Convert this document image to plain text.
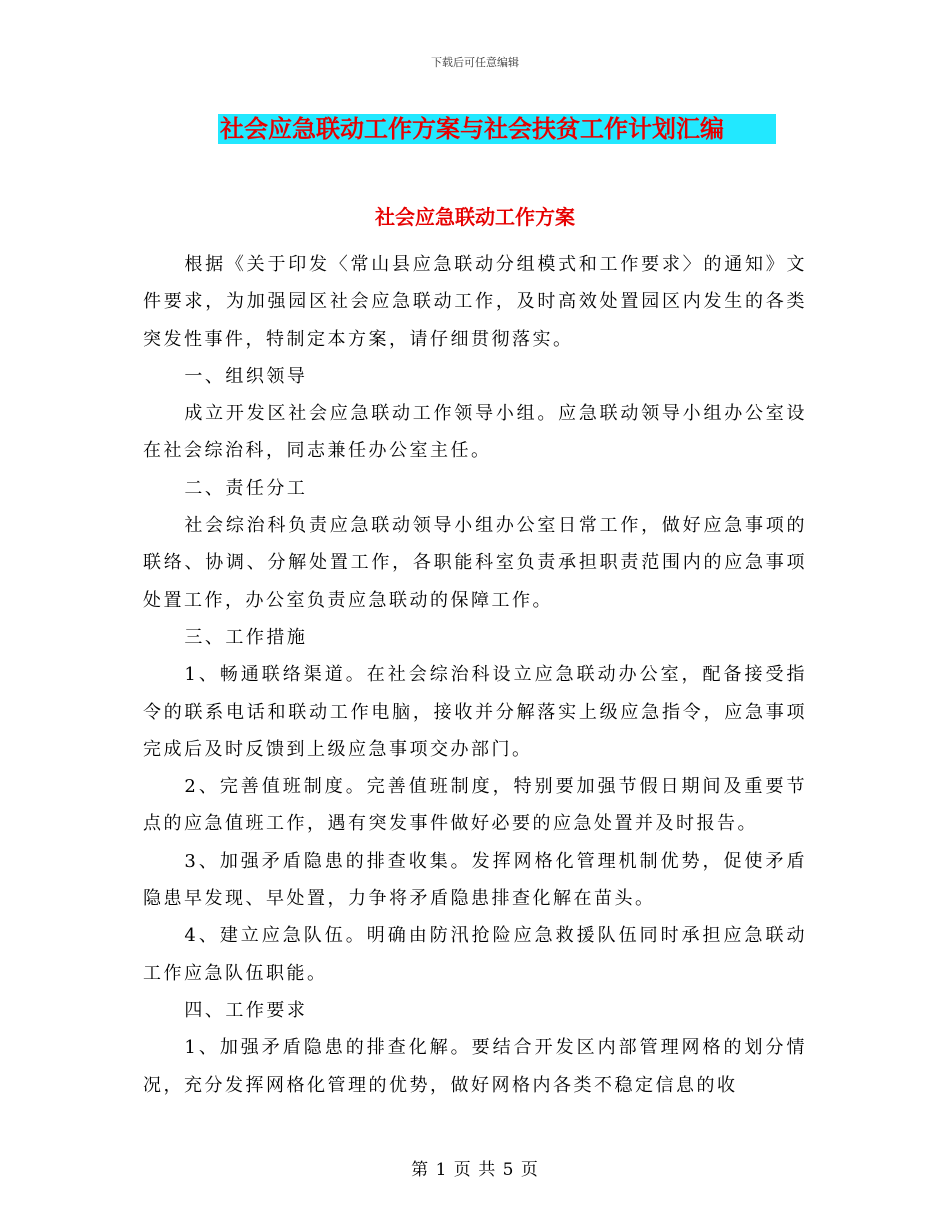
下载后可任意编辑
社会应急联动工作方案与社会扶贫工作计划汇编
社会应急联动工作方案

根据《关于印发〈常山县应急联动分组模式和工作要求〉的通知》文件要求，为加强园区社会应急联动工作，及时高效处置园区内发生的各类突发性事件，特制定本方案，请仔细贯彻落实。

一、组织领导

成立开发区社会应急联动工作领导小组。应急联动领导小组办公室设在社会综治科，同志兼任办公室主任。

二、责任分工

社会综治科负责应急联动领导小组办公室日常工作，做好应急事项的联络、协调、分解处置工作，各职能科室负责承担职责范围内的应急事项处置工作，办公室负责应急联动的保障工作。

三、工作措施

1、畅通联络渠道。在社会综治科设立应急联动办公室，配备接受指令的联系电话和联动工作电脑，接收并分解落实上级应急指令，应急事项完成后及时反馈到上级应急事项交办部门。

2、完善值班制度。完善值班制度，特别要加强节假日期间及重要节点的应急值班工作，遇有突发事件做好必要的应急处置并及时报告。

3、加强矛盾隐患的排查收集。发挥网格化管理机制优势，促使矛盾隐患早发现、早处置，力争将矛盾隐患排查化解在苗头。

4、建立应急队伍。明确由防汛抢险应急救援队伍同时承担应急联动工作应急队伍职能。

四、工作要求

1、加强矛盾隐患的排查化解。要结合开发区内部管理网格的划分情况，充分发挥网格化管理的优势，做好网格内各类不稳定信息的收

第 1 页 共 5 页
